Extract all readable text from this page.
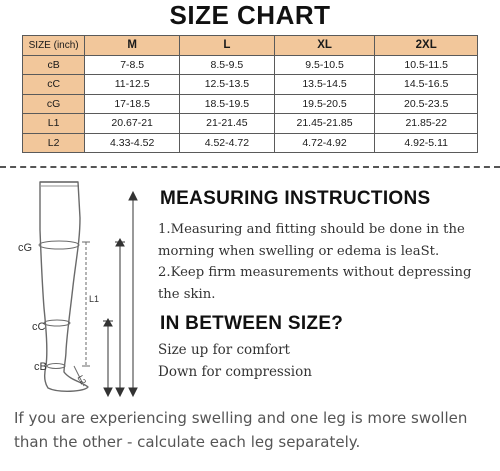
SIZE CHART
SIZE (inch)	M	L	XL	2XL
cB	7-8.5	8.5-9.5	9.5-10.5	10.5-11.5
cC	11-12.5	12.5-13.5	13.5-14.5	14.5-16.5
cG	17-18.5	18.5-19.5	19.5-20.5	20.5-23.5
L1	20.67-21	21-21.45	21.45-21.85	21.85-22
L2	4.33-4.52	4.52-4.72	4.72-4.92	4.92-5.11
cG
cC
cB
L1
L2
MEASURING INSTRUCTIONS
1.Measuring and fitting should be done in the morning when swelling or edema is leaSt.
2.Keep firm measurements without depressing the skin.
IN BETWEEN SIZE?
Size up for comfort
Down for compression
If you are experiencing swelling and one leg is more swollen than the other - calculate each leg separately.
